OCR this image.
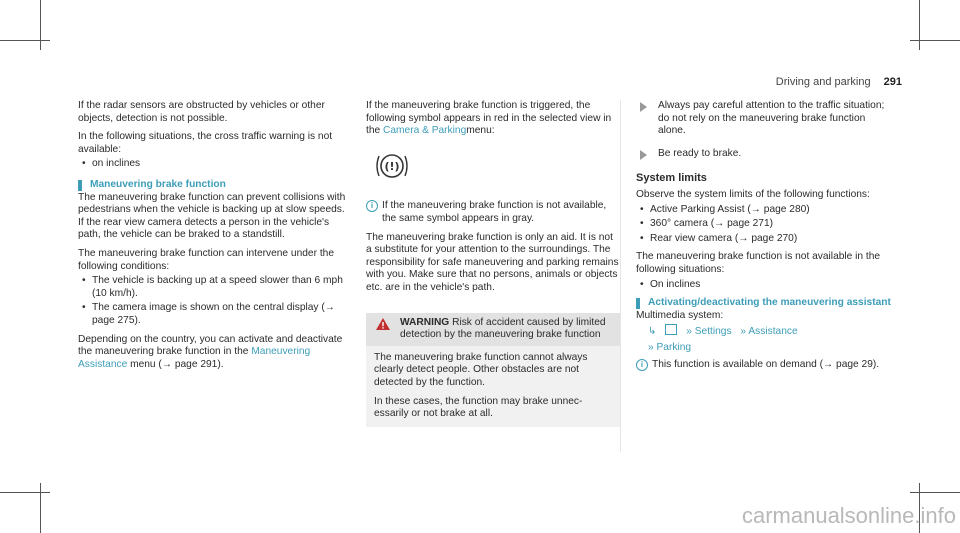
Driving and parking 291

If the radar sensors are obstructed by vehicles or other objects, detection is not possible.

In the following situations, the cross traffic warning is not available:

• on inclines
Maneuvering brake function

The maneuvering brake function can prevent collisions with pedestrians when the vehicle is backing up at slow speeds. If the rear view camera detects a person in the vehicle's path, the vehicle can be braked to a standstill.

The maneuvering brake function can intervene under the following conditions:

• The vehicle is backing up at a speed slower than 6 mph (10 km/h).
• The camera image is shown on the central display (→ page 275).

Depending on the country, you can activate and deactivate the maneuvering brake function in the Maneuvering Assistance menu (→ page 291).

If the maneuvering brake function is triggered, the following symbol appears in red in the selected view in the Camera & Parkingmenu:

(!)
i If the maneuvering brake function is not available, the same symbol appears in gray.

The maneuvering brake function is only an aid. It is not a substitute for your attention to the surroundings. The responsibility for safe maneuvering and parking remains with you. Make sure that no persons, animals or objects etc. are in the vehicle's path.

WARNING Risk of accident caused by limited detection by the maneuvering brake function

The maneuvering brake function cannot always clearly detect people. Other obstacles are not detected by the function.

In these cases, the function may brake unnecessarily or not brake at all.

Always pay careful attention to the traffic situation; do not rely on the maneuvering brake function alone.
Be ready to brake.
System limits

Observe the system limits of the following functions:

• Active Parking Assist (→ page 280)
• 360° camera (→ page 271)
• Rear view camera (→ page 270)

The maneuvering brake function is not available in the following situations:

• On inclines
Activating/deactivating the maneuvering assistant
Multimedia system:
↳	» Settings » Assistance
» Parking
i This function is available on demand (→ page 29).
carmanualsonline.info
